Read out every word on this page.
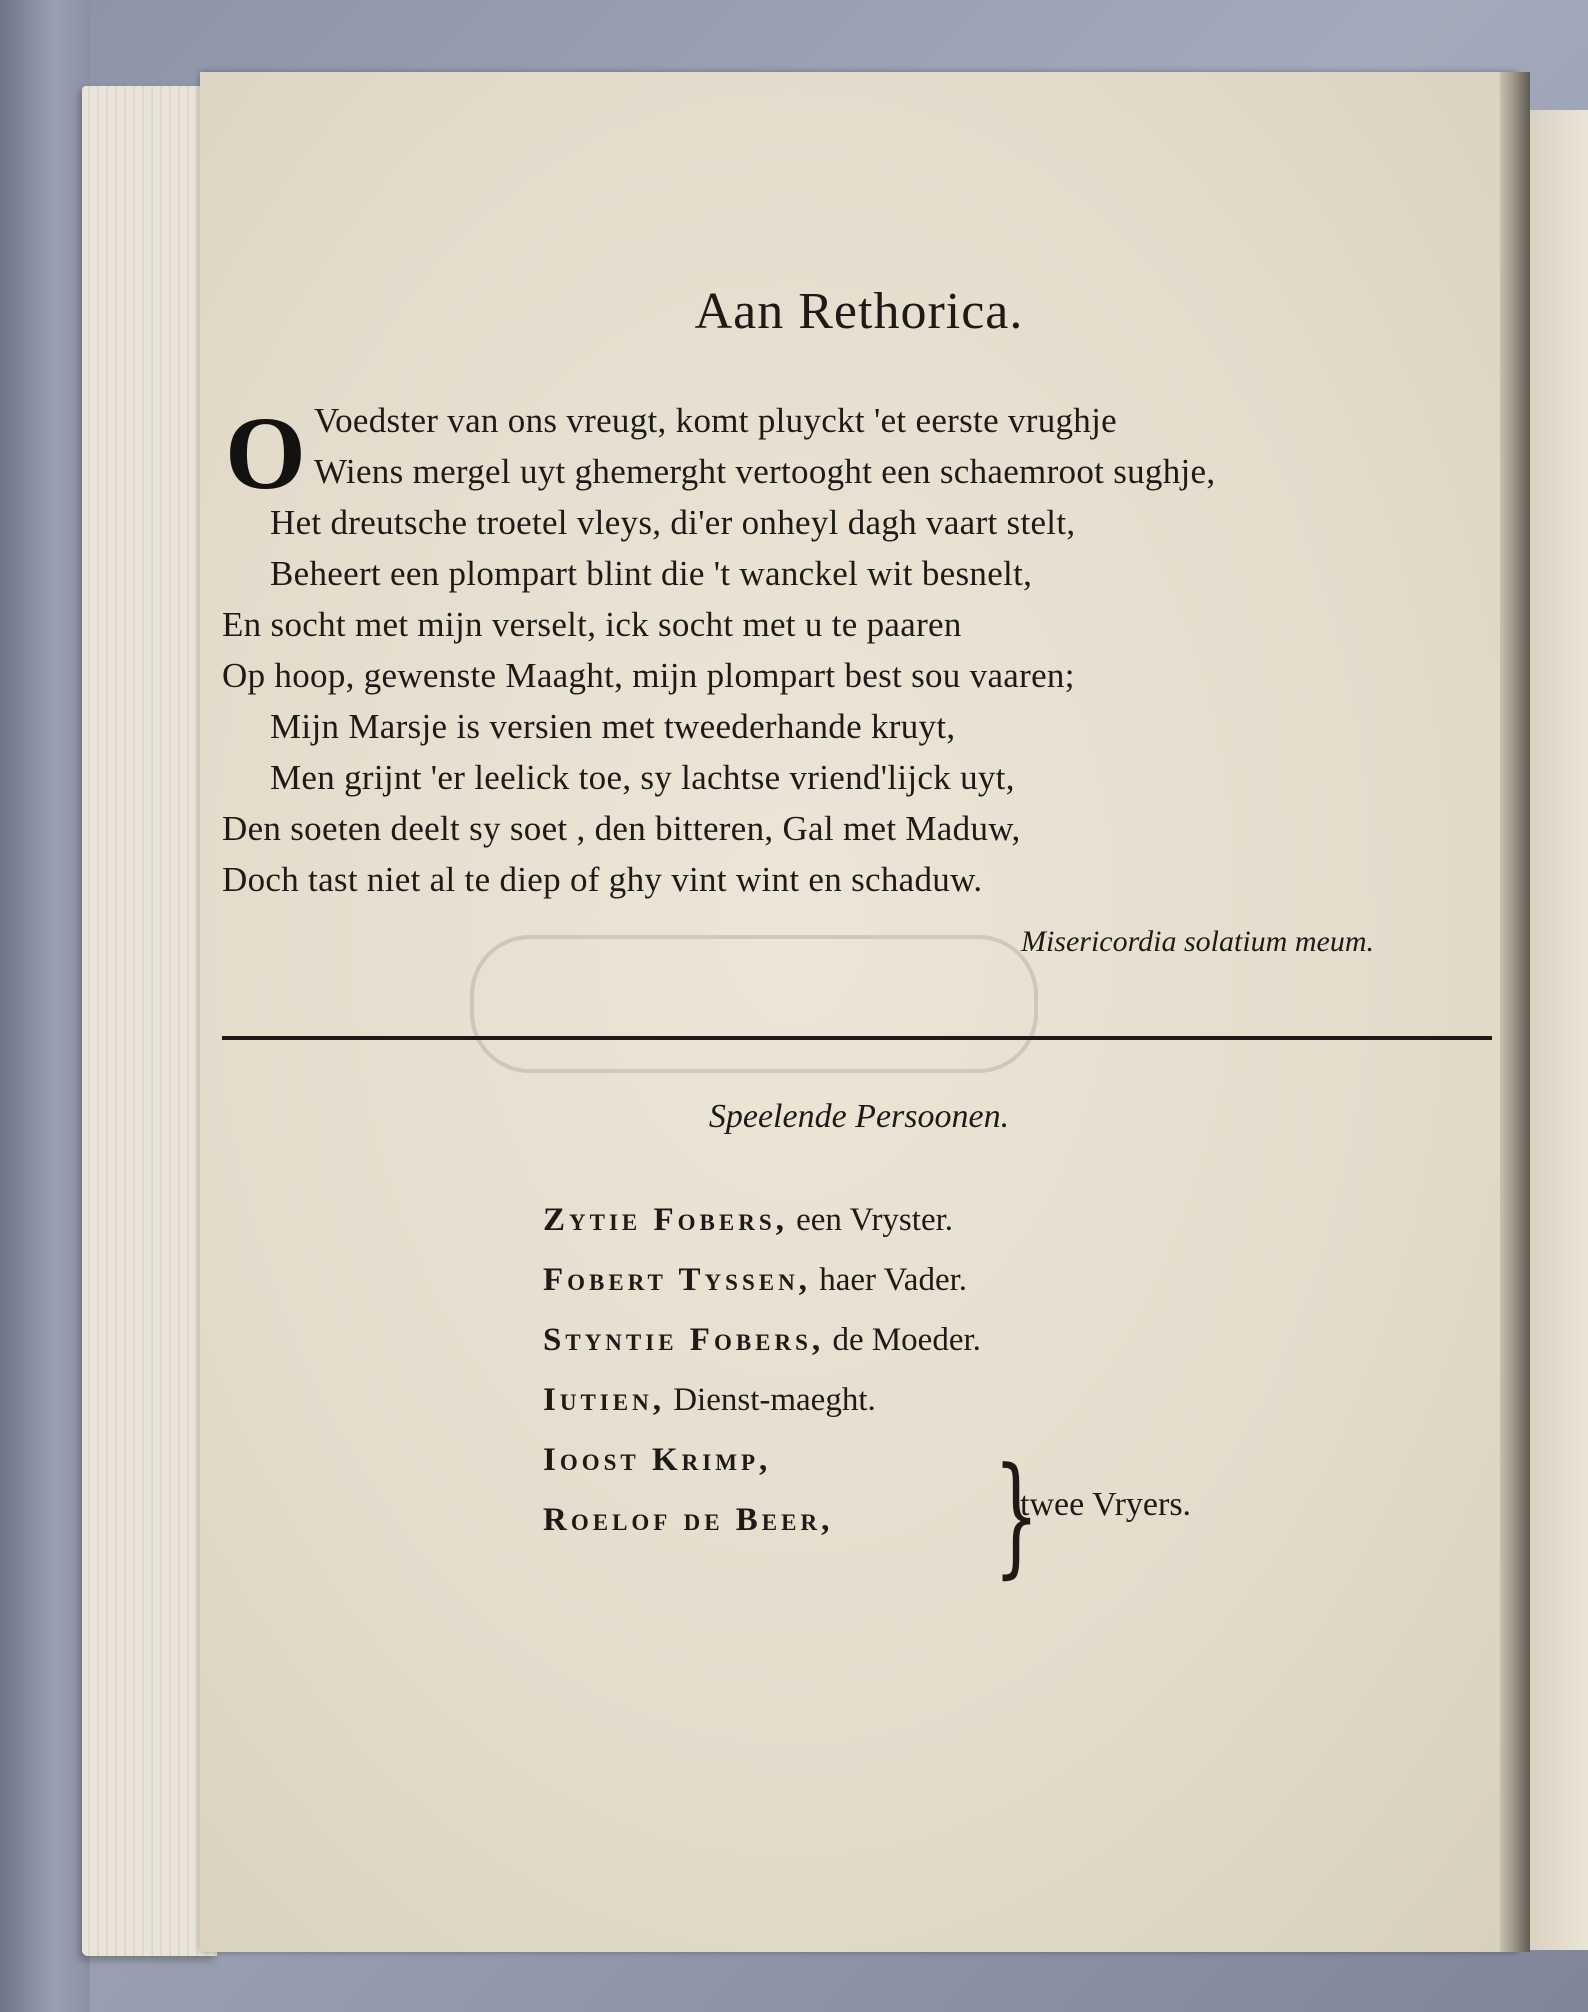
Aan Rethorica.
O Voedster van ons vreugt, komt pluyckt 'et eerste vrughje
Wiens mergel uyt ghemerght vertooght een schaemroot sughje,
Het dreutsche troetel vleys, di'er onheyl dagh vaart stelt,
Beheert een plompart blint die 't wanckel wit besnelt,
En socht met mijn verselt, ick socht met u te paaren
Op hoop, gewenste Maaght, mijn plompart best sou vaaren;
Mijn Marsje is versien met tweederhande kruyt,
Men grijnt 'er leelick toe, sy lachtse vriend'lijck uyt,
Den soeten deelt sy soet , den bitteren, Gal met Maduw,
Doch tast niet al te diep of ghy vint wint en schaduw.
Misericordia solatium meum.
Speelende Persoonen.
Zytie Fobers, een Vryster.
Fobert Tyssen, haer Vader.
Styntie Fobers, de Moeder.
Iutien, Dienst-maeght.
Ioost Krimp,
Roelof de Beer,	}
twee Vryers.
